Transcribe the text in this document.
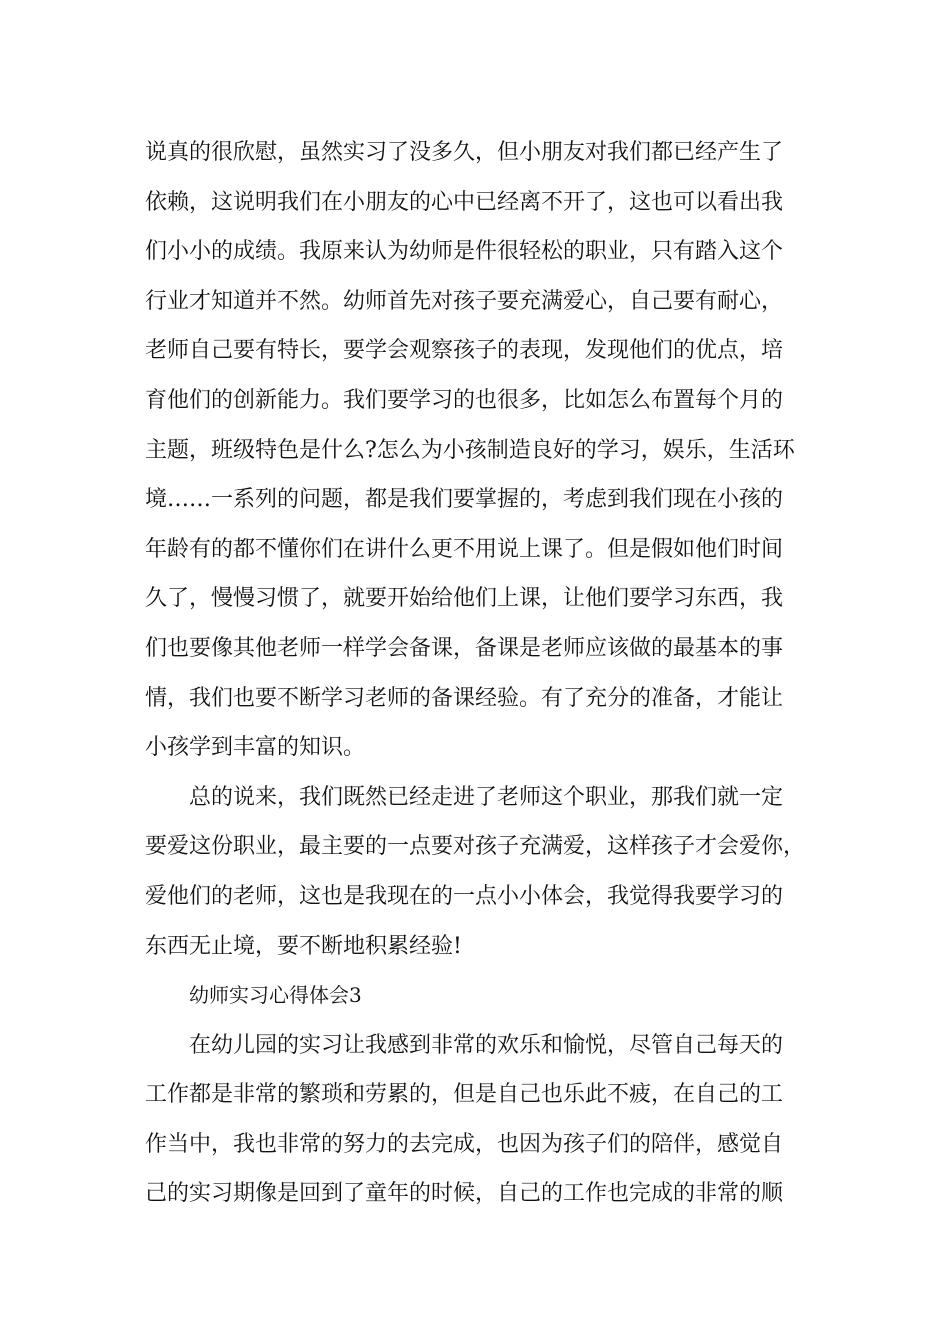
说真的很欣慰，虽然实习了没多久，但小朋友对我们都已经产生了
依赖，这说明我们在小朋友的心中已经离不开了，这也可以看出我
们小小的成绩。我原来认为幼师是件很轻松的职业，只有踏入这个
行业才知道并不然。幼师首先对孩子要充满爱心，自己要有耐心，
老师自己要有特长，要学会观察孩子的表现，发现他们的优点，培
育他们的创新能力。我们要学习的也很多，比如怎么布置每个月的
主题，班级特色是什么?怎么为小孩制造良好的学习，娱乐，生活环
境……一系列的问题，都是我们要掌握的，考虑到我们现在小孩的
年龄有的都不懂你们在讲什么更不用说上课了。但是假如他们时间
久了，慢慢习惯了，就要开始给他们上课，让他们要学习东西，我
们也要像其他老师一样学会备课，备课是老师应该做的最基本的事
情，我们也要不断学习老师的备课经验。有了充分的准备，才能让
小孩学到丰富的知识。
总的说来，我们既然已经走进了老师这个职业，那我们就一定
要爱这份职业，最主要的一点要对孩子充满爱，这样孩子才会爱你，
爱他们的老师，这也是我现在的一点小小体会，我觉得我要学习的
东西无止境，要不断地积累经验!
幼师实习心得体会3
在幼儿园的实习让我感到非常的欢乐和愉悦，尽管自己每天的
工作都是非常的繁琐和劳累的，但是自己也乐此不疲，在自己的工
作当中，我也非常的努力的去完成，也因为孩子们的陪伴，感觉自
己的实习期像是回到了童年的时候，自己的工作也完成的非常的顺
